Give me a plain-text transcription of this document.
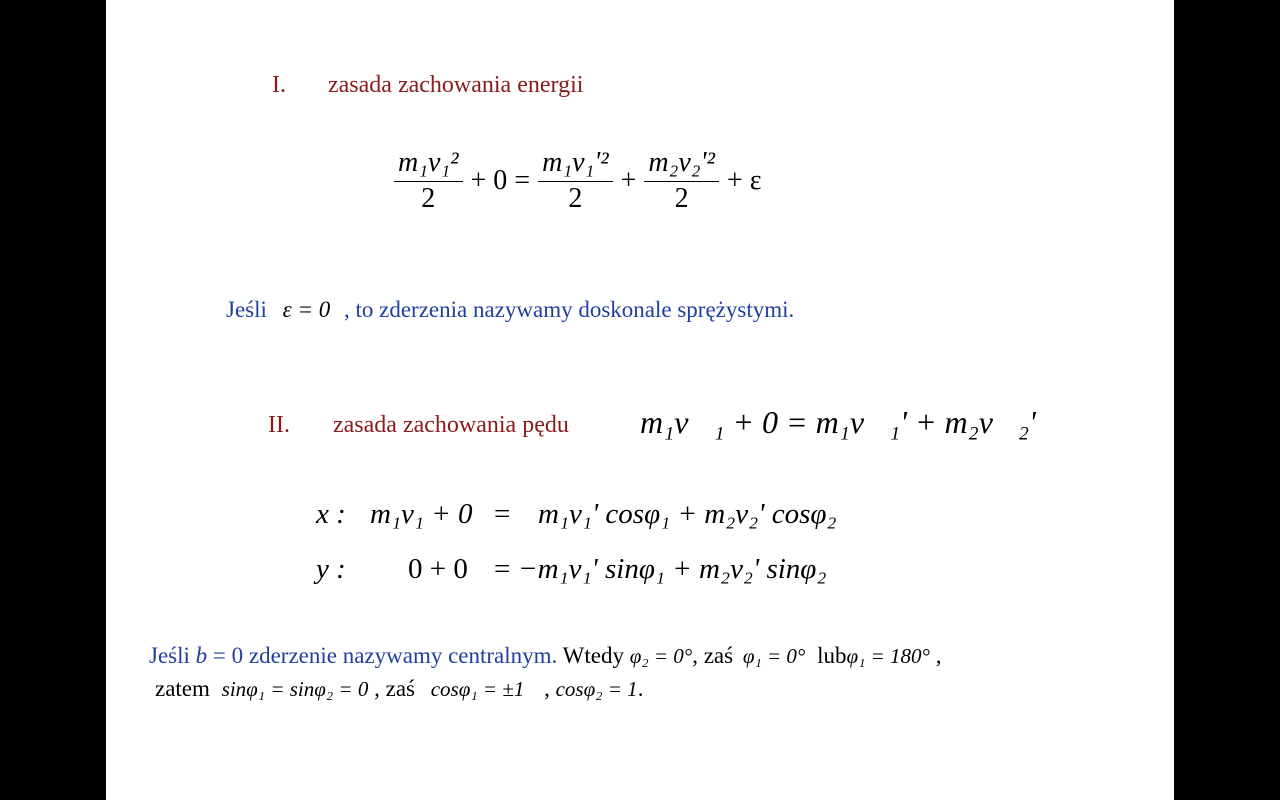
I. zasada zachowania energii
$\frac{\text{m₁v₁²}}{2} + 0 = \frac{\text{m₁v₁'²}}{2} + \frac{\text{m₂v₂'²}}{2} + \varepsilon$
Jeśli ε = 0 , to zderzenia nazywamy doskonale sprężystymi.
II. zasada zachowania pędu m₁v⃗₁ + 0 = m₁v⃗₁' + m₂v⃗₂'
x : m₁v₁ + 0 = m₁v₁' cosφ₁ + m₂v₂' cosφ₂
y : 0 + 0 = −m₁v₁' sinφ₁ + m₂v₂' sinφ₂
Jeśli b = 0 zderzenie nazywamy centralnym. Wtedy φ₂ = 0°, zaś φ₁ = 0° lubφ₁ = 180° ,
zatem sinφ₁ = sinφ₂ = 0 , zaś cosφ₁ = ±1 , cosφ₂ = 1.
